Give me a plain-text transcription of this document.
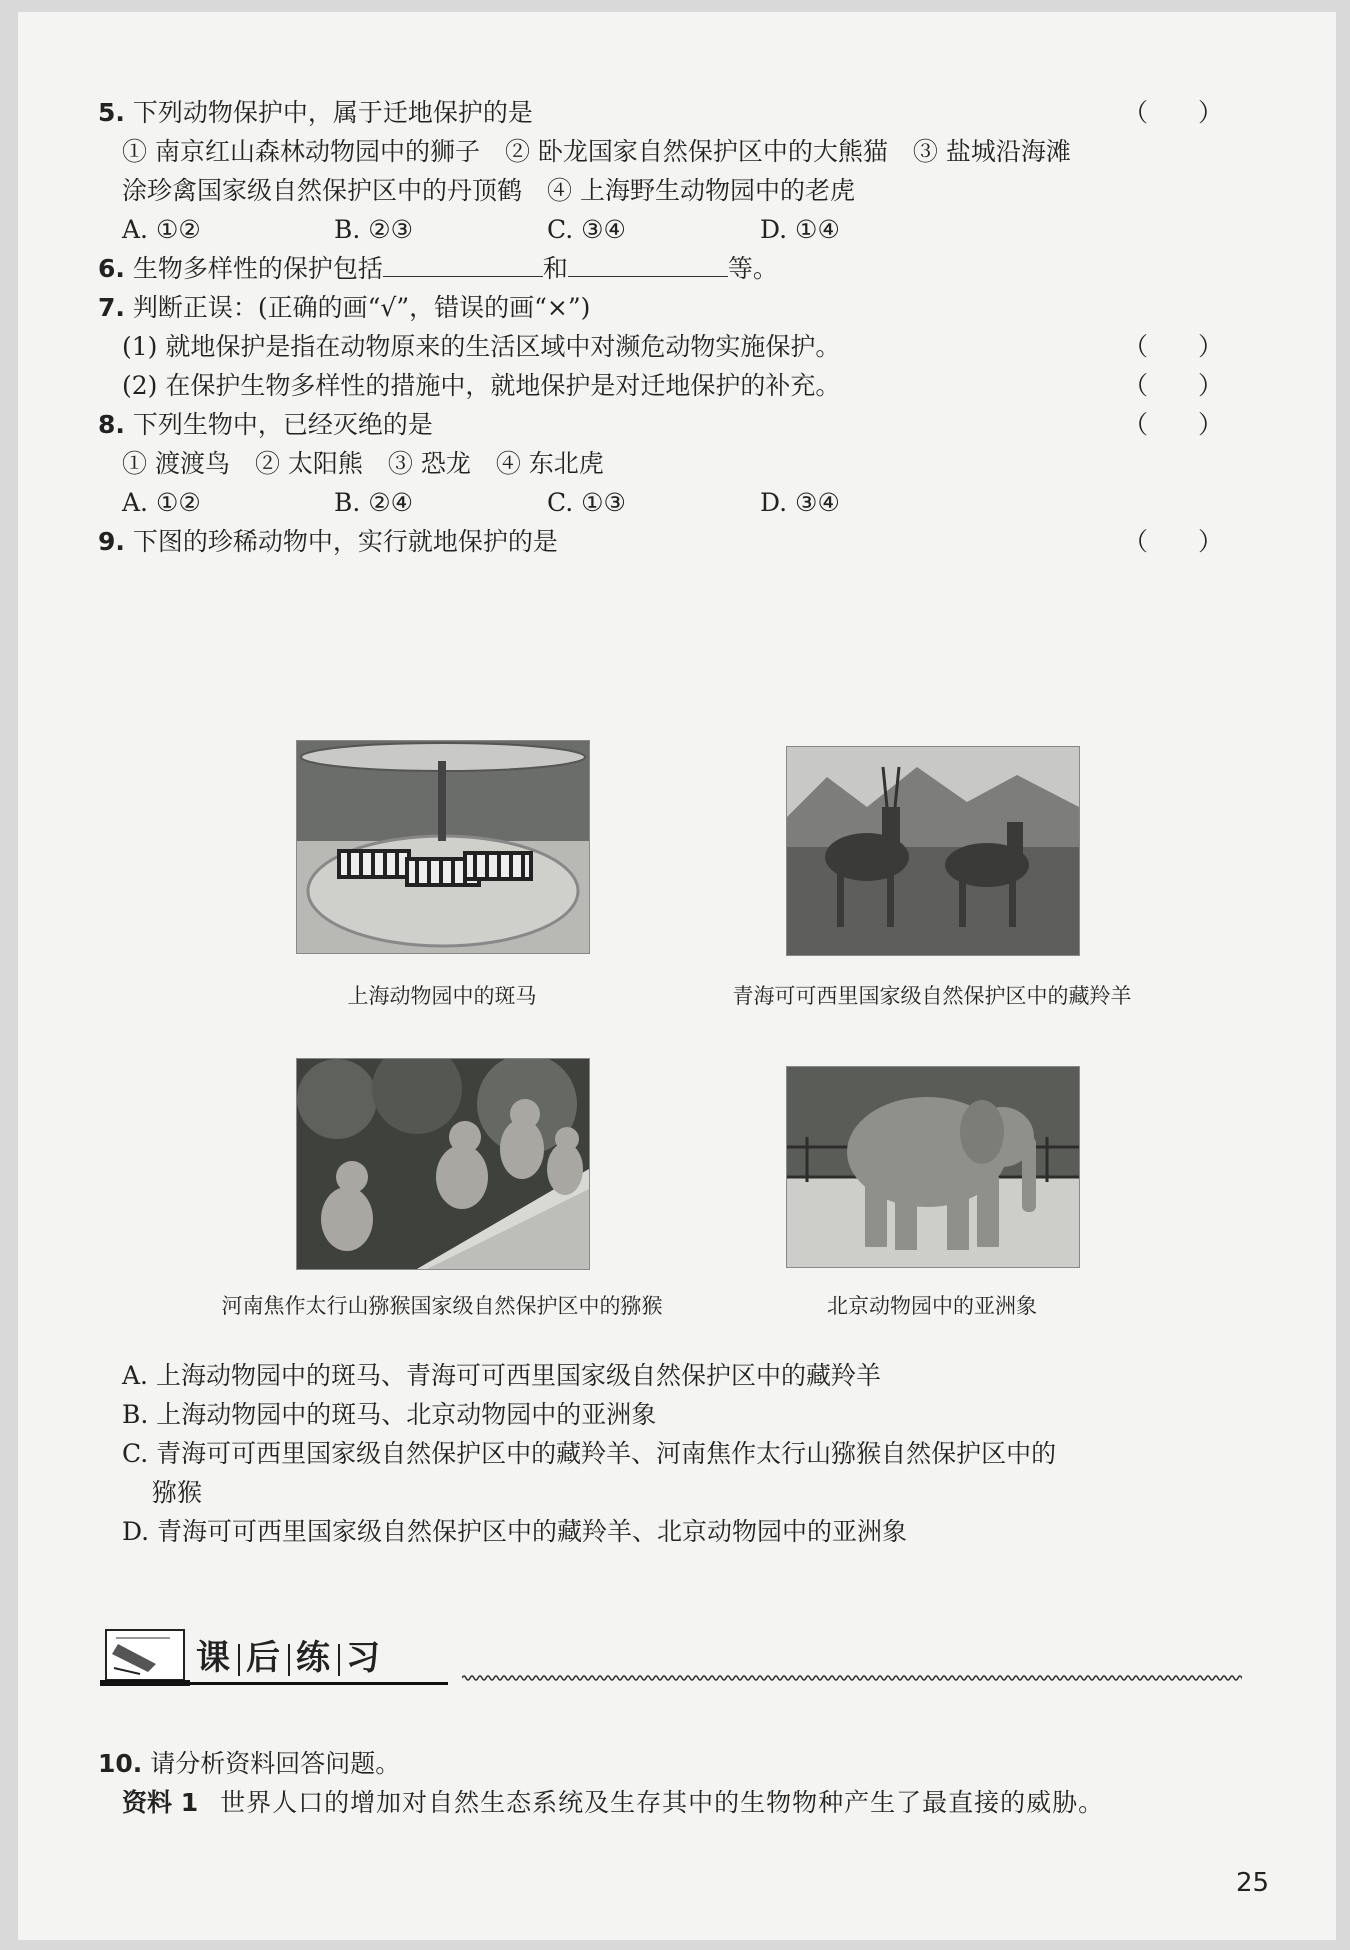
5. 下列动物保护中，属于迁地保护的是	（　　）
① 南京红山森林动物园中的狮子　② 卧龙国家自然保护区中的大熊猫　③ 盐城沿海滩
涂珍禽国家级自然保护区中的丹顶鹤　④ 上海野生动物园中的老虎
A. ①②	B. ②③	C. ③④	D. ①④
6. 生物多样性的保护包括	和	等。
7. 判断正误：(正确的画“√”，错误的画“×”)
(1) 就地保护是指在动物原来的生活区域中对濒危动物实施保护。	（　　）
(2) 在保护生物多样性的措施中，就地保护是对迁地保护的补充。	（　　）
8. 下列生物中，已经灭绝的是	（　　）
① 渡渡鸟　② 太阳熊　③ 恐龙　④ 东北虎
A. ①②	B. ②④	C. ①③	D. ③④
9. 下图的珍稀动物中，实行就地保护的是	（　　）
上海动物园中的斑马	青海可可西里国家级自然保护区中的藏羚羊
河南焦作太行山猕猴国家级自然保护区中的猕猴	北京动物园中的亚洲象
A. 上海动物园中的斑马、青海可可西里国家级自然保护区中的藏羚羊
B. 上海动物园中的斑马、北京动物园中的亚洲象
C. 青海可可西里国家级自然保护区中的藏羚羊、河南焦作太行山猕猴自然保护区中的
猕猴
D. 青海可可西里国家级自然保护区中的藏羚羊、北京动物园中的亚洲象
课 后 练 习
10. 请分析资料回答问题。
资料 1 世界人口的增加对自然生态系统及生存其中的生物物种产生了最直接的威胁。
25
